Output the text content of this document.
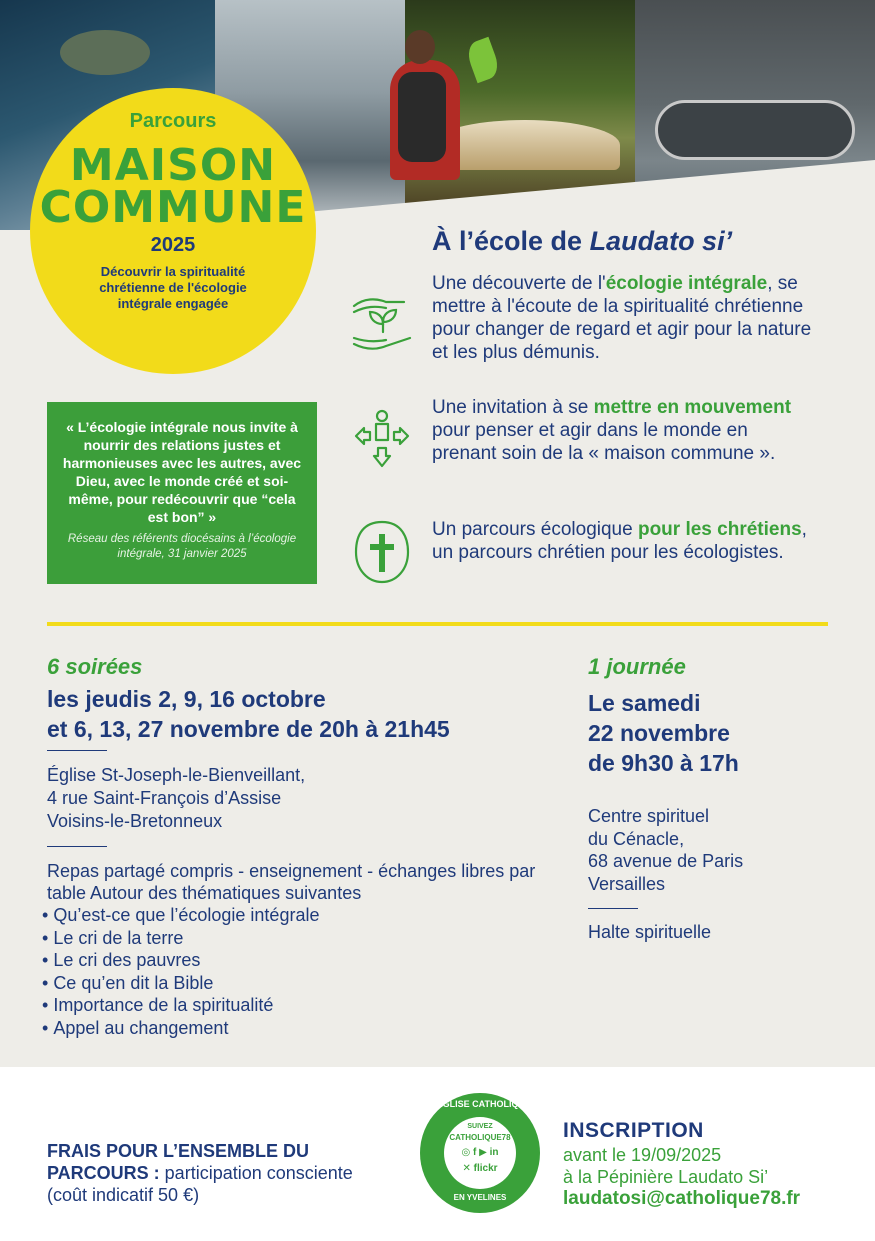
Parcours
MAISON
COMMUNE
2025
Découvrir la spiritualité chrétienne de l'écologie intégrale engagée
À l’école de Laudato si’
Une découverte de l'écologie intégrale, se mettre à l'écoute de la spiritualité chrétienne pour changer de regard et agir pour la nature et les plus démunis.
Une invitation à se mettre en mouvement pour penser et agir dans le monde en prenant soin de la « maison commune ».
Un parcours écologique pour les chrétiens, un parcours chrétien pour les écologistes.
« L’écologie intégrale nous invite à nourrir des relations justes et harmonieuses avec les autres, avec Dieu, avec le monde créé et soi-même, pour redécouvrir que “cela est bon” »
Réseau des référents diocésains à l’écologie intégrale, 31 janvier 2025
6 soirées
les jeudis 2, 9, 16 octobre
et 6, 13, 27 novembre de 20h à 21h45
Église St-Joseph-le-Bienveillant,
4 rue Saint-François d’Assise
Voisins-le-Bretonneux
Repas partagé compris - enseignement - échanges libres par table Autour des thématiques suivantes
• Qu’est-ce que l’écologie intégrale
• Le cri de la terre
• Le cri des pauvres
• Ce qu’en dit la Bible
• Importance de la spiritualité
• Appel au changement
1 journée
Le samedi
22 novembre
de 9h30 à 17h
Centre spirituel
du Cénacle,
68 avenue de Paris
Versailles
Halte spirituelle
FRAIS POUR L’ENSEMBLE DU PARCOURS : participation consciente (coût indicatif 50 €)
L'ÉGLISE CATHOLIQUE
SUIVEZ
CATHOLIQUE78
◎ f ▶ in
✕ flickr
EN YVELINES
INSCRIPTION
avant le 19/09/2025
à la Pépinière Laudato Si’
laudatosi@catholique78.fr
